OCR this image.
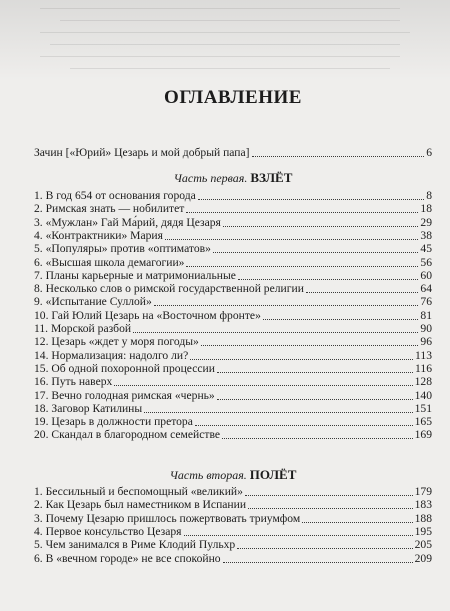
ОГЛАВЛЕНИЕ
Зачин [«Юрий» Цезарь и мой добрый папа]	6
Часть первая. ВЗЛЁТ
1. В год 654 от основания города	8
2. Римская знать — нобилитет	18
3. «Мужлан» Гай Ма́рий, дядя Цезаря	29
4. «Контрактники» Мария	38
5. «Популяры» против «оптиматов»	45
6. «Высшая школа демагогии»	56
7. Планы карьерные и матримониальные	60
8. Несколько слов о римской государственной религии	64
9. «Испытание Суллой»	76
10. Гай Юлий Цезарь на «Восточном фронте»	81
11. Морской разбой	90
12. Цезарь «ждет у моря погоды»	96
14. Нормализация: надолго ли?	113
15. Об одной похоронной процессии	116
16. Путь наверх	128
17. Вечно голодная римская «чернь»	140
18. Заговор Катилины	151
19. Цезарь в должности претора	165
20. Скандал в благородном семействе	169
Часть вторая. ПОЛЁТ
1. Бессильный и беспомощный «великий»	179
2. Как Цезарь был наместником в Испании	183
3. Почему Цезарю пришлось пожертвовать триумфом	188
4. Первое консульство Цезаря	195
5. Чем занимался в Риме Клодий Пульхр	205
6. В «вечном городе» не все спокойно	209
